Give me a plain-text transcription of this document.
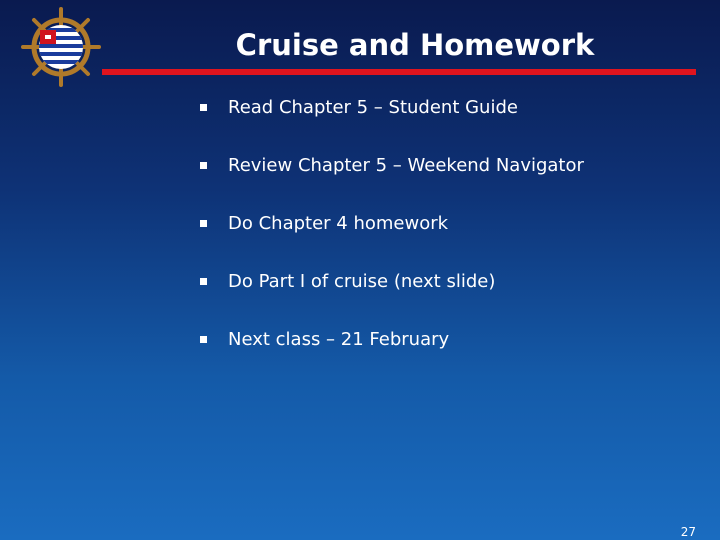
Cruise and Homework
Read Chapter 5 – Student Guide
Review Chapter 5 – Weekend Navigator
Do Chapter 4 homework
Do Part I of cruise (next slide)
Next class – 21 February
27
